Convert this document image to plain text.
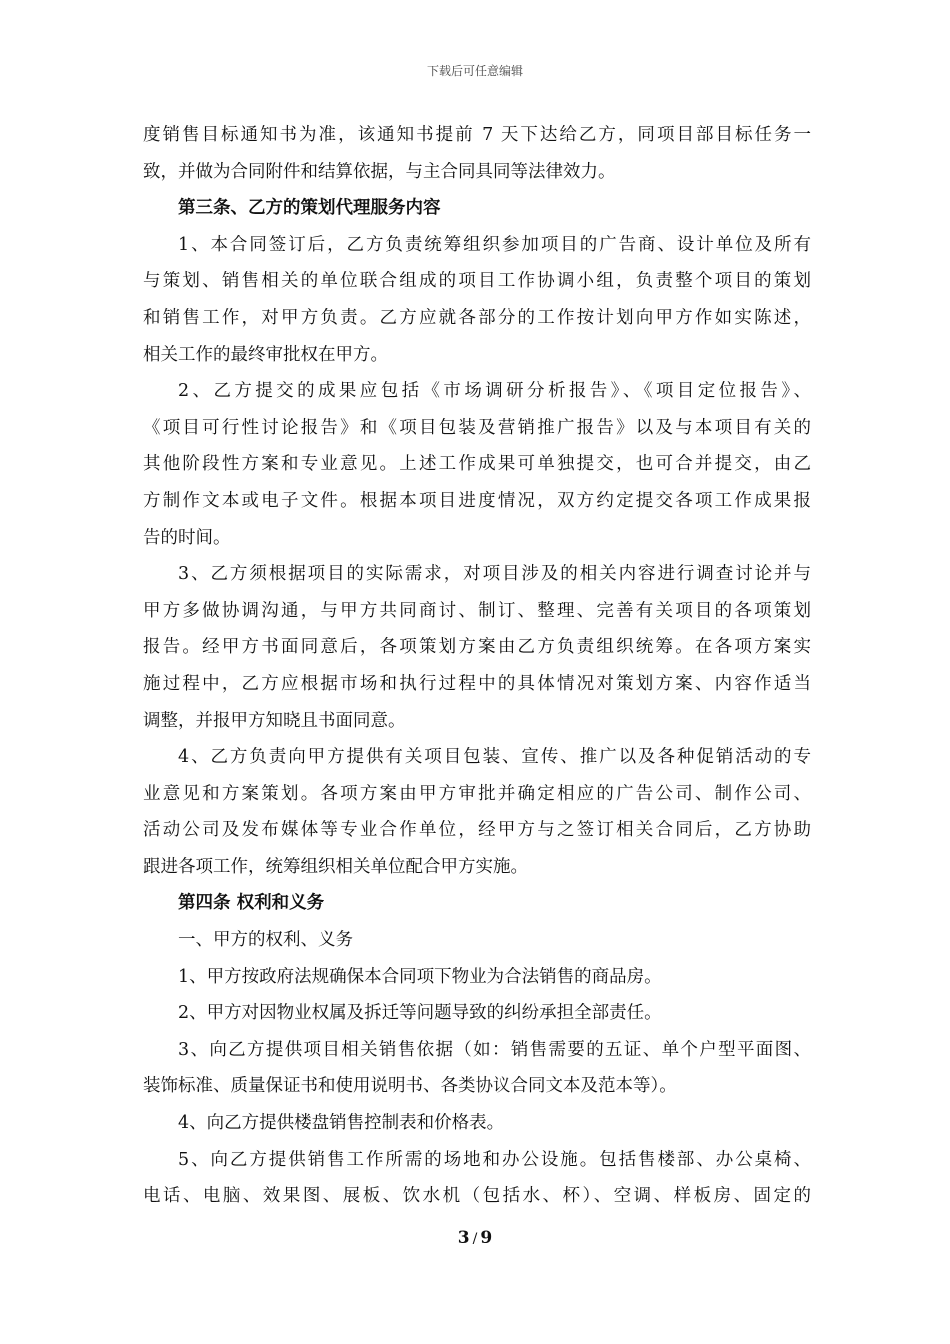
下载后可任意编辑
度销售目标通知书为准，该通知书提前 7 天下达给乙方，同项目部目标任务一
致，并做为合同附件和结算依据，与主合同具同等法律效力。
第三条、乙方的策划代理服务内容
1、本合同签订后，乙方负责统筹组织参加项目的广告商、设计单位及所有
与策划、销售相关的单位联合组成的项目工作协调小组，负责整个项目的策划
和销售工作，对甲方负责。乙方应就各部分的工作按计划向甲方作如实陈述，
相关工作的最终审批权在甲方。
2、乙方提交的成果应包括《市场调研分析报告》、《项目定位报告》、
《项目可行性讨论报告》和《项目包装及营销推广报告》以及与本项目有关的
其他阶段性方案和专业意见。上述工作成果可单独提交，也可合并提交，由乙
方制作文本或电子文件。根据本项目进度情况，双方约定提交各项工作成果报
告的时间。
3、乙方须根据项目的实际需求，对项目涉及的相关内容进行调查讨论并与
甲方多做协调沟通，与甲方共同商讨、制订、整理、完善有关项目的各项策划
报告。经甲方书面同意后，各项策划方案由乙方负责组织统筹。在各项方案实
施过程中，乙方应根据市场和执行过程中的具体情况对策划方案、内容作适当
调整，并报甲方知晓且书面同意。
4、乙方负责向甲方提供有关项目包装、宣传、推广以及各种促销活动的专
业意见和方案策划。各项方案由甲方审批并确定相应的广告公司、制作公司、
活动公司及发布媒体等专业合作单位，经甲方与之签订相关合同后，乙方协助
跟进各项工作，统筹组织相关单位配合甲方实施。
第四条 权利和义务
一、甲方的权利、义务
1、甲方按政府法规确保本合同项下物业为合法销售的商品房。
2、甲方对因物业权属及拆迁等问题导致的纠纷承担全部责任。
3、向乙方提供项目相关销售依据（如：销售需要的五证、单个户型平面图、
装饰标准、质量保证书和使用说明书、各类协议合同文本及范本等）。
4、向乙方提供楼盘销售控制表和价格表。
5、向乙方提供销售工作所需的场地和办公设施。包括售楼部、办公桌椅、
电话、电脑、效果图、展板、饮水机（包括水、杯）、空调、样板房、固定的
3 / 9
